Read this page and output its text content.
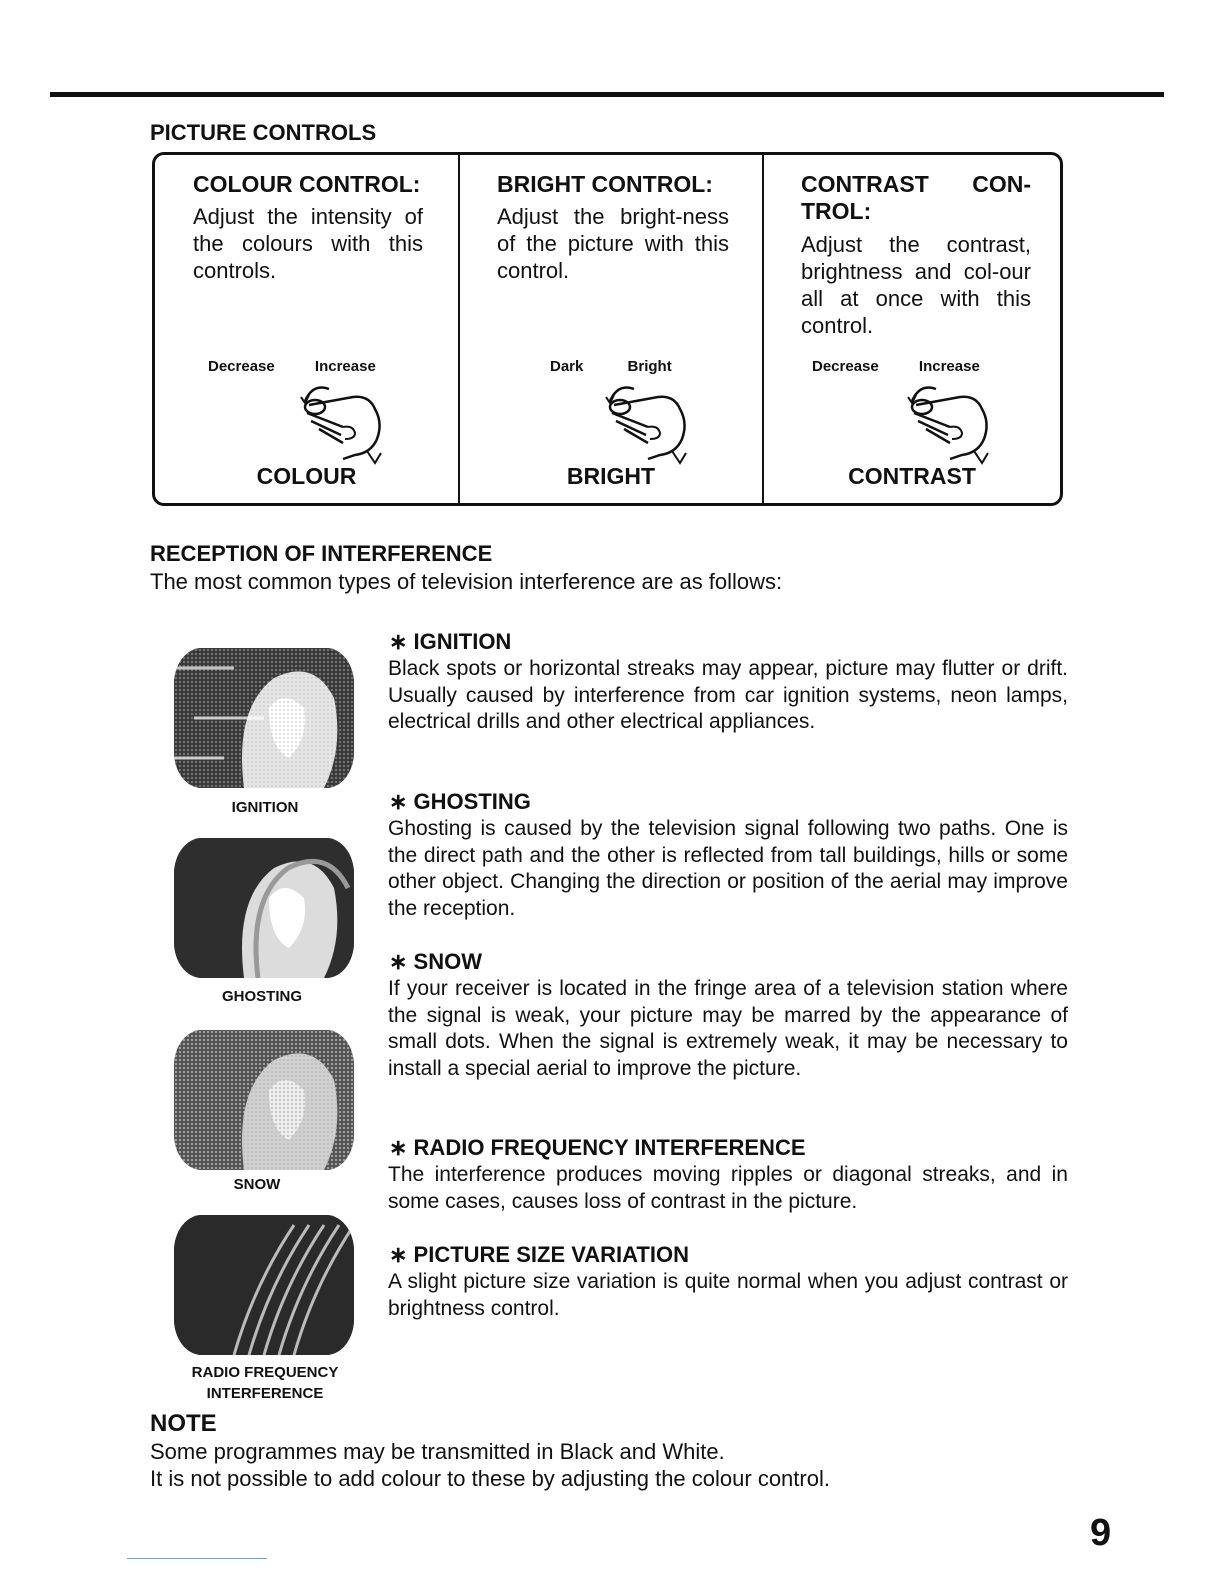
PICTURE CONTROLS
COLOUR CONTROL:
Adjust the intensity of the colours with this controls.
Decrease	Increase
COLOUR
BRIGHT CONTROL:
Adjust the bright-ness of the picture with this control.
Dark	Bright
BRIGHT
CONTRAST CON-TROL:
Adjust the contrast, brightness and col-our all at once with this control.
Decrease	Increase
CONTRAST
RECEPTION OF INTERFERENCE
The most common types of television interference are as follows:
IGNITION
GHOSTING
SNOW
RADIO FREQUENCY
INTERFERENCE
∗ IGNITION
Black spots or horizontal streaks may appear, picture may flutter or drift. Usually caused by interference from car ignition systems, neon lamps, electrical drills and other electrical appliances.
∗ GHOSTING
Ghosting is caused by the television signal following two paths. One is the direct path and the other is reflected from tall buildings, hills or some other object. Changing the direction or position of the aerial may improve the reception.
∗ SNOW
If your receiver is located in the fringe area of a television station where the signal is weak, your picture may be marred by the appearance of small dots. When the signal is extremely weak, it may be necessary to install a special aerial to improve the picture.
∗ RADIO FREQUENCY INTERFERENCE
The interference produces moving ripples or diagonal streaks, and in some cases, causes loss of contrast in the picture.
∗ PICTURE SIZE VARIATION
A slight picture size variation is quite normal when you adjust contrast or brightness control.
NOTE
Some programmes may be transmitted in Black and White.
It is not possible to add colour to these by adjusting the colour control.
9
